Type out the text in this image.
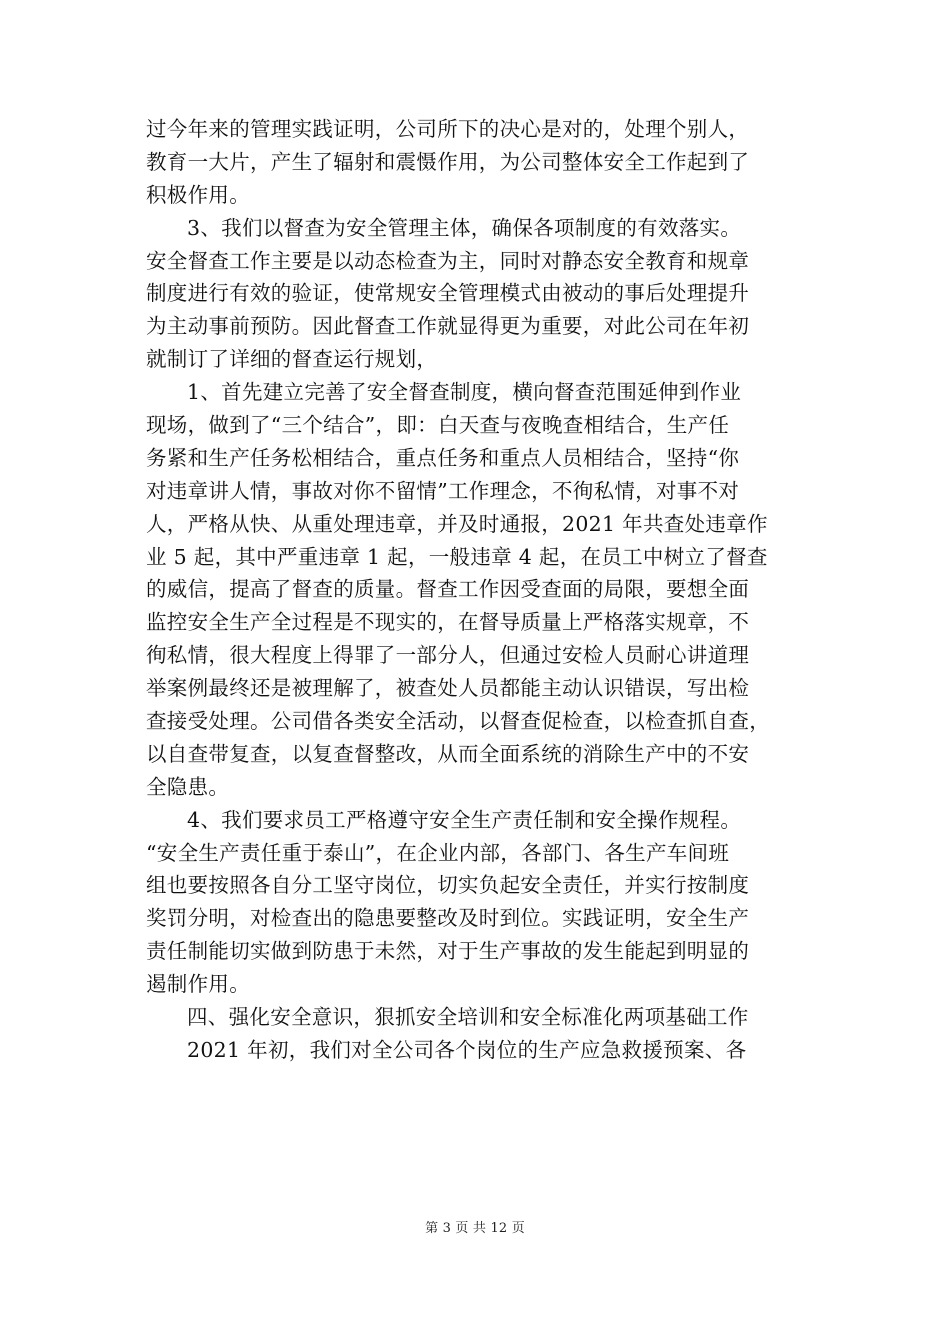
过今年来的管理实践证明，公司所下的决心是对的，处理个别人，
教育一大片，产生了辐射和震慑作用，为公司整体安全工作起到了
积极作用。
3、我们以督查为安全管理主体，确保各项制度的有效落实。
安全督查工作主要是以动态检查为主，同时对静态安全教育和规章
制度进行有效的验证，使常规安全管理模式由被动的事后处理提升
为主动事前预防。因此督查工作就显得更为重要，对此公司在年初
就制订了详细的督查运行规划，
1、首先建立完善了安全督查制度，横向督查范围延伸到作业
现场，做到了“三个结合”，即：白天查与夜晚查相结合，生产任
务紧和生产任务松相结合，重点任务和重点人员相结合，坚持“你
对违章讲人情，事故对你不留情”工作理念，不徇私情，对事不对
人，严格从快、从重处理违章，并及时通报，2021 年共查处违章作
业 5 起，其中严重违章 1 起，一般违章 4 起，在员工中树立了督查
的威信，提高了督查的质量。督查工作因受查面的局限，要想全面
监控安全生产全过程是不现实的，在督导质量上严格落实规章，不
徇私情，很大程度上得罪了一部分人，但通过安检人员耐心讲道理
举案例最终还是被理解了，被查处人员都能主动认识错误，写出检
查接受处理。公司借各类安全活动，以督查促检查，以检查抓自查，
以自查带复查，以复查督整改，从而全面系统的消除生产中的不安
全隐患。
4、我们要求员工严格遵守安全生产责任制和安全操作规程。
“安全生产责任重于泰山”，在企业内部，各部门、各生产车间班
组也要按照各自分工坚守岗位，切实负起安全责任，并实行按制度
奖罚分明，对检查出的隐患要整改及时到位。实践证明，安全生产
责任制能切实做到防患于未然，对于生产事故的发生能起到明显的
遏制作用。
四、强化安全意识，狠抓安全培训和安全标准化两项基础工作
2021 年初，我们对全公司各个岗位的生产应急救援预案、各
第 3 页 共 12 页
